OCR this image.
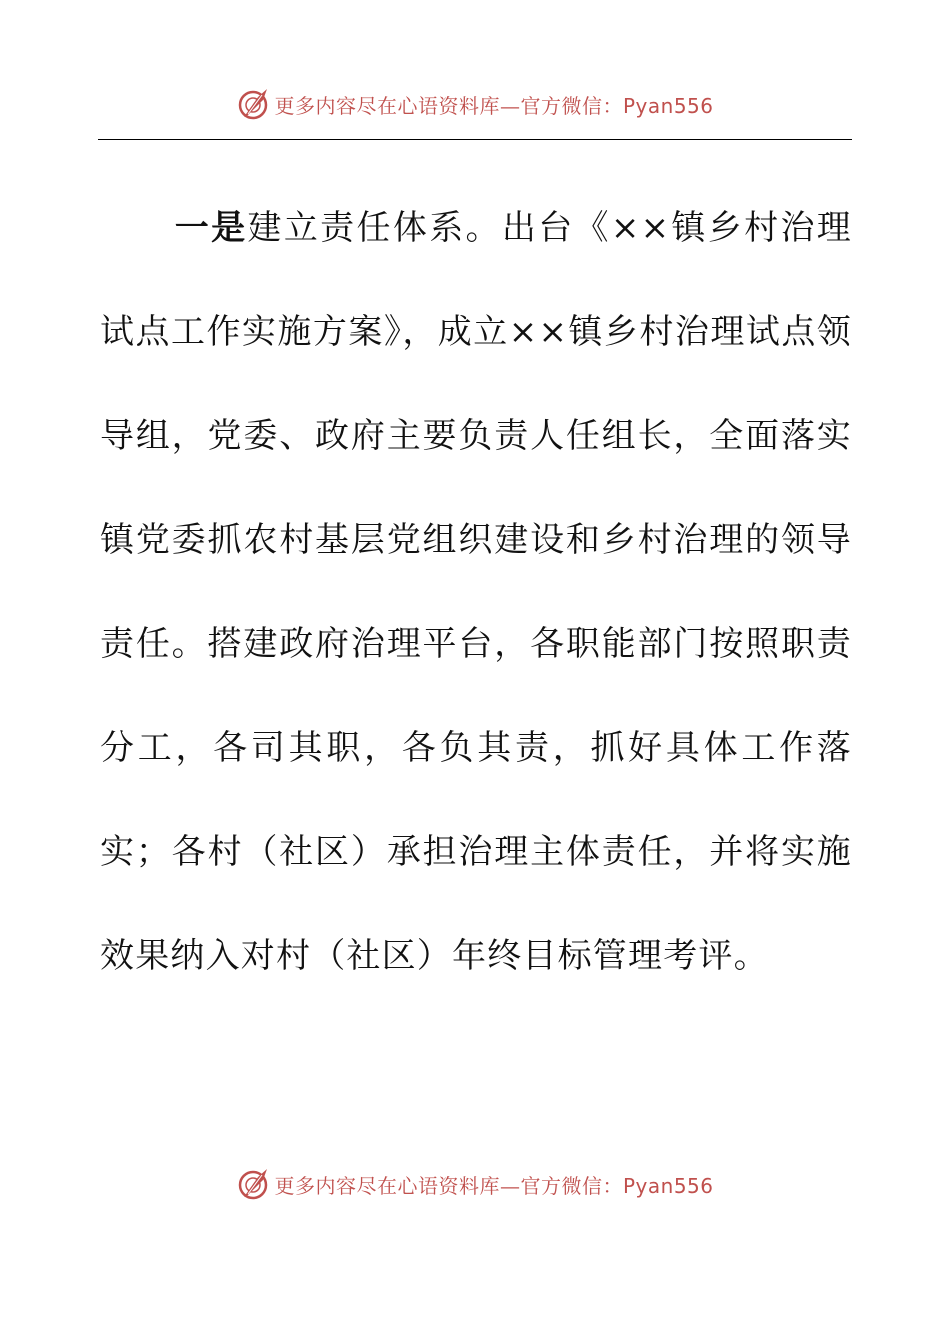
更多内容尽在心语资料库—官方微信：Pyan556

一是建立责任体系。出台《××镇乡村治理试点工作实施方案》，成立××镇乡村治理试点领导组，党委、政府主要负责人任组长，全面落实镇党委抓农村基层党组织建设和乡村治理的领导责任。搭建政府治理平台，各职能部门按照职责分工，各司其职，各负其责，抓好具体工作落实；各村（社区）承担治理主体责任，并将实施效果纳入对村（社区）年终目标管理考评。

更多内容尽在心语资料库—官方微信：Pyan556
